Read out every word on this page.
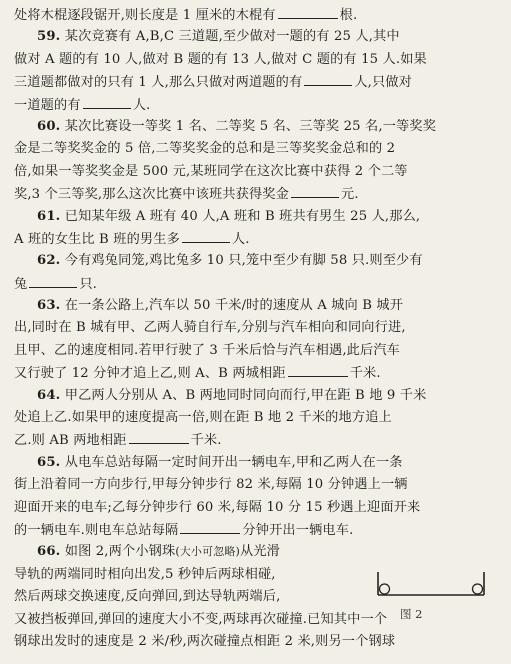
处将木棍逐段锯开,则长度是 1 厘米的木棍有	根.
59. 某次竞赛有 A,B,C 三道题,至少做对一题的有 25 人,其中
做对 A 题的有 10 人,做对 B 题的有 13 人,做对 C 题的有 15 人.如果
三道题都做对的只有 1 人,那么只做对两道题的有	人,只做对
一道题的有	人.
60. 某次比赛设一等奖 1 名、二等奖 5 名、三等奖 25 名,一等奖奖
金是二等奖奖金的 5 倍,二等奖奖金的总和是三等奖奖金总和的 2
倍,如果一等奖奖金是 500 元,某班同学在这次比赛中获得 2 个二等
奖,3 个三等奖,那么这次比赛中该班共获得奖金	元.
61. 已知某年级 A 班有 40 人,A 班和 B 班共有男生 25 人,那么,
A 班的女生比 B 班的男生多	人.
62. 今有鸡兔同笼,鸡比兔多 10 只,笼中至少有脚 58 只.则至少有
兔	只.
63. 在一条公路上,汽车以 50 千米/时的速度从 A 城向 B 城开
出,同时在 B 城有甲、乙两人骑自行车,分别与汽车相向和同向行进,
且甲、乙的速度相同.若甲行驶了 3 千米后恰与汽车相遇,此后汽车
又行驶了 12 分钟才追上乙,则 A、B 两城相距	千米.
64. 甲乙两人分别从 A、B 两地同时同向而行,甲在距 B 地 9 千米
处追上乙.如果甲的速度提高一倍,则在距 B 地 2 千米的地方追上
乙.则 AB 两地相距	千米.
65. 从电车总站每隔一定时间开出一辆电车,甲和乙两人在一条
街上沿着同一方向步行,甲每分钟步行 82 米,每隔 10 分钟遇上一辆
迎面开来的电车;乙每分钟步行 60 米,每隔 10 分 15 秒遇上迎面开来
的一辆电车.则电车总站每隔	分钟开出一辆电车.
66. 如图 2,两个小钢珠(大小可忽略)从光滑
导轨的两端同时相向出发,5 秒钟后两球相碰,
然后两球交换速度,反向弹回,到达导轨两端后,
又被挡板弹回,弹回的速度大小不变,两球再次碰撞.已知其中一个
钢球出发时的速度是 2 米/秒,两次碰撞点相距 2 米,则另一个钢球
图 2
